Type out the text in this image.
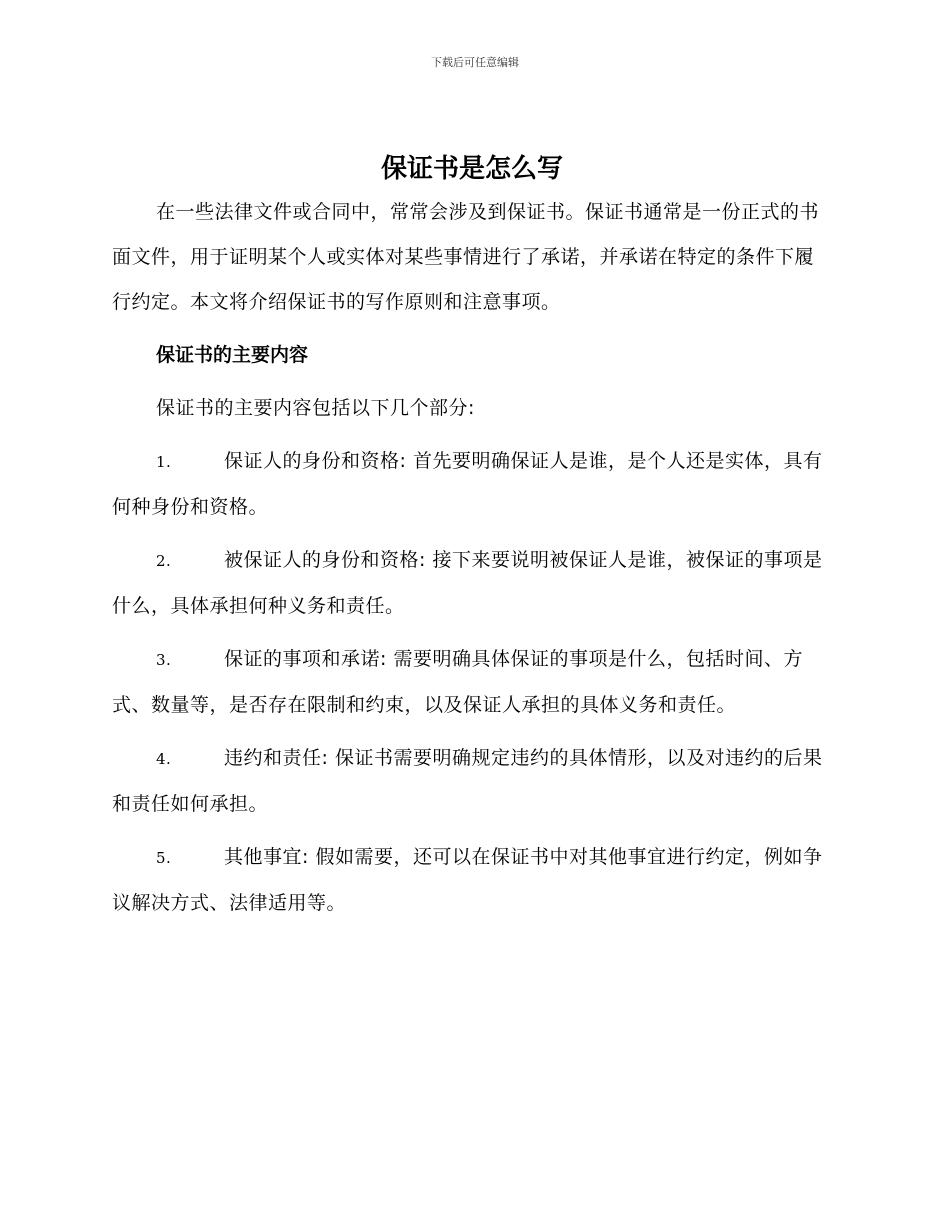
下载后可任意编辑
保证书是怎么写

在一些法律文件或合同中，常常会涉及到保证书。保证书通常是一份正式的书面文件，用于证明某个人或实体对某些事情进行了承诺，并承诺在特定的条件下履行约定。本文将介绍保证书的写作原则和注意事项。

保证书的主要内容

保证书的主要内容包括以下几个部分:

1.	保证人的身份和资格: 首先要明确保证人是谁，是个人还是实体，具有何种身份和资格。
2.	被保证人的身份和资格: 接下来要说明被保证人是谁，被保证的事项是什么，具体承担何种义务和责任。
3.	保证的事项和承诺: 需要明确具体保证的事项是什么，包括时间、方式、数量等，是否存在限制和约束，以及保证人承担的具体义务和责任。
4.	违约和责任: 保证书需要明确规定违约的具体情形，以及对违约的后果和责任如何承担。
5.	其他事宜: 假如需要，还可以在保证书中对其他事宜进行约定，例如争议解决方式、法律适用等。
